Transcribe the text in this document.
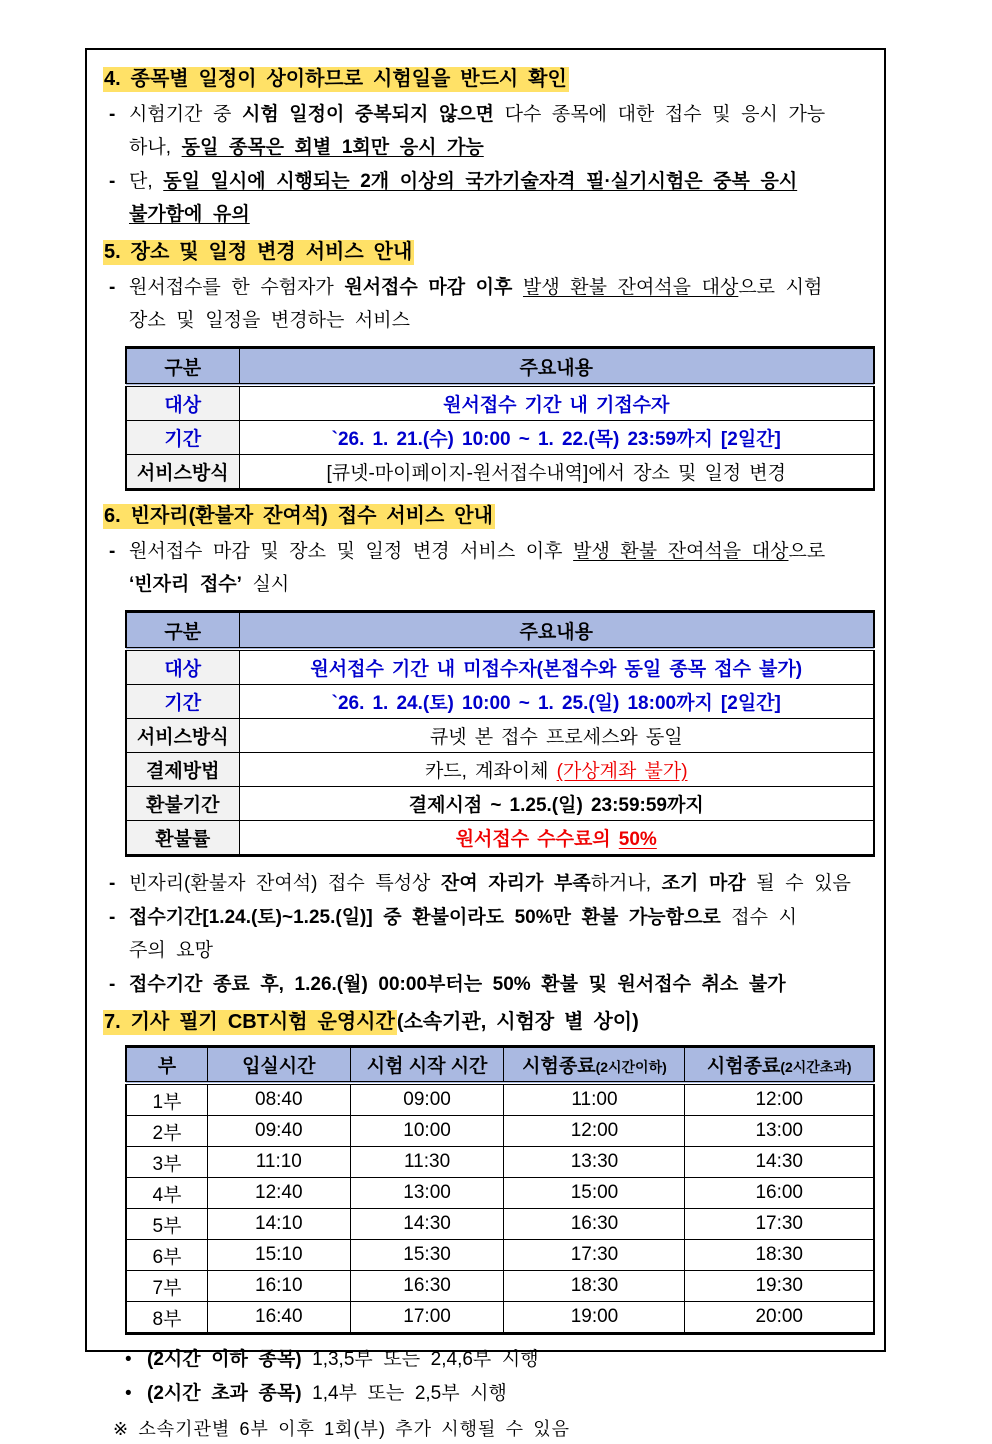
4. 종목별 일정이 상이하므로 시험일을 반드시 확인
- 시험기간 중 시험 일정이 중복되지 않으면 다수 종목에 대한 접수 및 응시 가능
하나, 동일 종목은 회별 1회만 응시 가능
- 단, 동일 일시에 시행되는 2개 이상의 국가기술자격 필·실기시험은 중복 응시
불가함에 유의
5. 장소 및 일정 변경 서비스 안내
- 원서접수를 한 수험자가 원서접수 마감 이후 발생 환불 잔여석을 대상으로 시험
장소 및 일정을 변경하는 서비스
구분	주요내용
대상	원서접수 기간 내 기접수자
기간	`26. 1. 21.(수) 10:00 ~ 1. 22.(목) 23:59까지 [2일간]
서비스방식	[큐넷-마이페이지-원서접수내역]에서 장소 및 일정 변경
6. 빈자리(환불자 잔여석) 접수 서비스 안내
- 원서접수 마감 및 장소 및 일정 변경 서비스 이후 발생 환불 잔여석을 대상으로
‘빈자리 접수’ 실시
구분	주요내용
대상	원서접수 기간 내 미접수자(본접수와 동일 종목 접수 불가)
기간	`26. 1. 24.(토) 10:00 ~ 1. 25.(일) 18:00까지 [2일간]
서비스방식	큐넷 본 접수 프로세스와 동일
결제방법	카드, 계좌이체 (가상계좌 불가)
환불기간	결제시점 ~ 1.25.(일) 23:59:59까지
환불률	원서접수 수수료의 50%
- 빈자리(환불자 잔여석) 접수 특성상 잔여 자리가 부족하거나, 조기 마감 될 수 있음
- 접수기간[1.24.(토)~1.25.(일)] 중 환불이라도 50%만 환불 가능함으로 접수 시
주의 요망
- 접수기간 종료 후, 1.26.(월) 00:00부터는 50% 환불 및 원서접수 취소 불가
7. 기사 필기 CBT시험 운영시간 (소속기관, 시험장 별 상이)
부	입실시간	시험 시작 시간	시험종료(2시간이하)	시험종료(2시간초과)
1부	08:40	09:00	11:00	12:00
2부	09:40	10:00	12:00	13:00
3부	11:10	11:30	13:30	14:30
4부	12:40	13:00	15:00	16:00
5부	14:10	14:30	16:30	17:30
6부	15:10	15:30	17:30	18:30
7부	16:10	16:30	18:30	19:30
8부	16:40	17:00	19:00	20:00
• (2시간 이하 종목) 1,3,5부 또는 2,4,6부 시행
• (2시간 초과 종목) 1,4부 또는 2,5부 시행
※ 소속기관별 6부 이후 1회(부) 추가 시행될 수 있음
